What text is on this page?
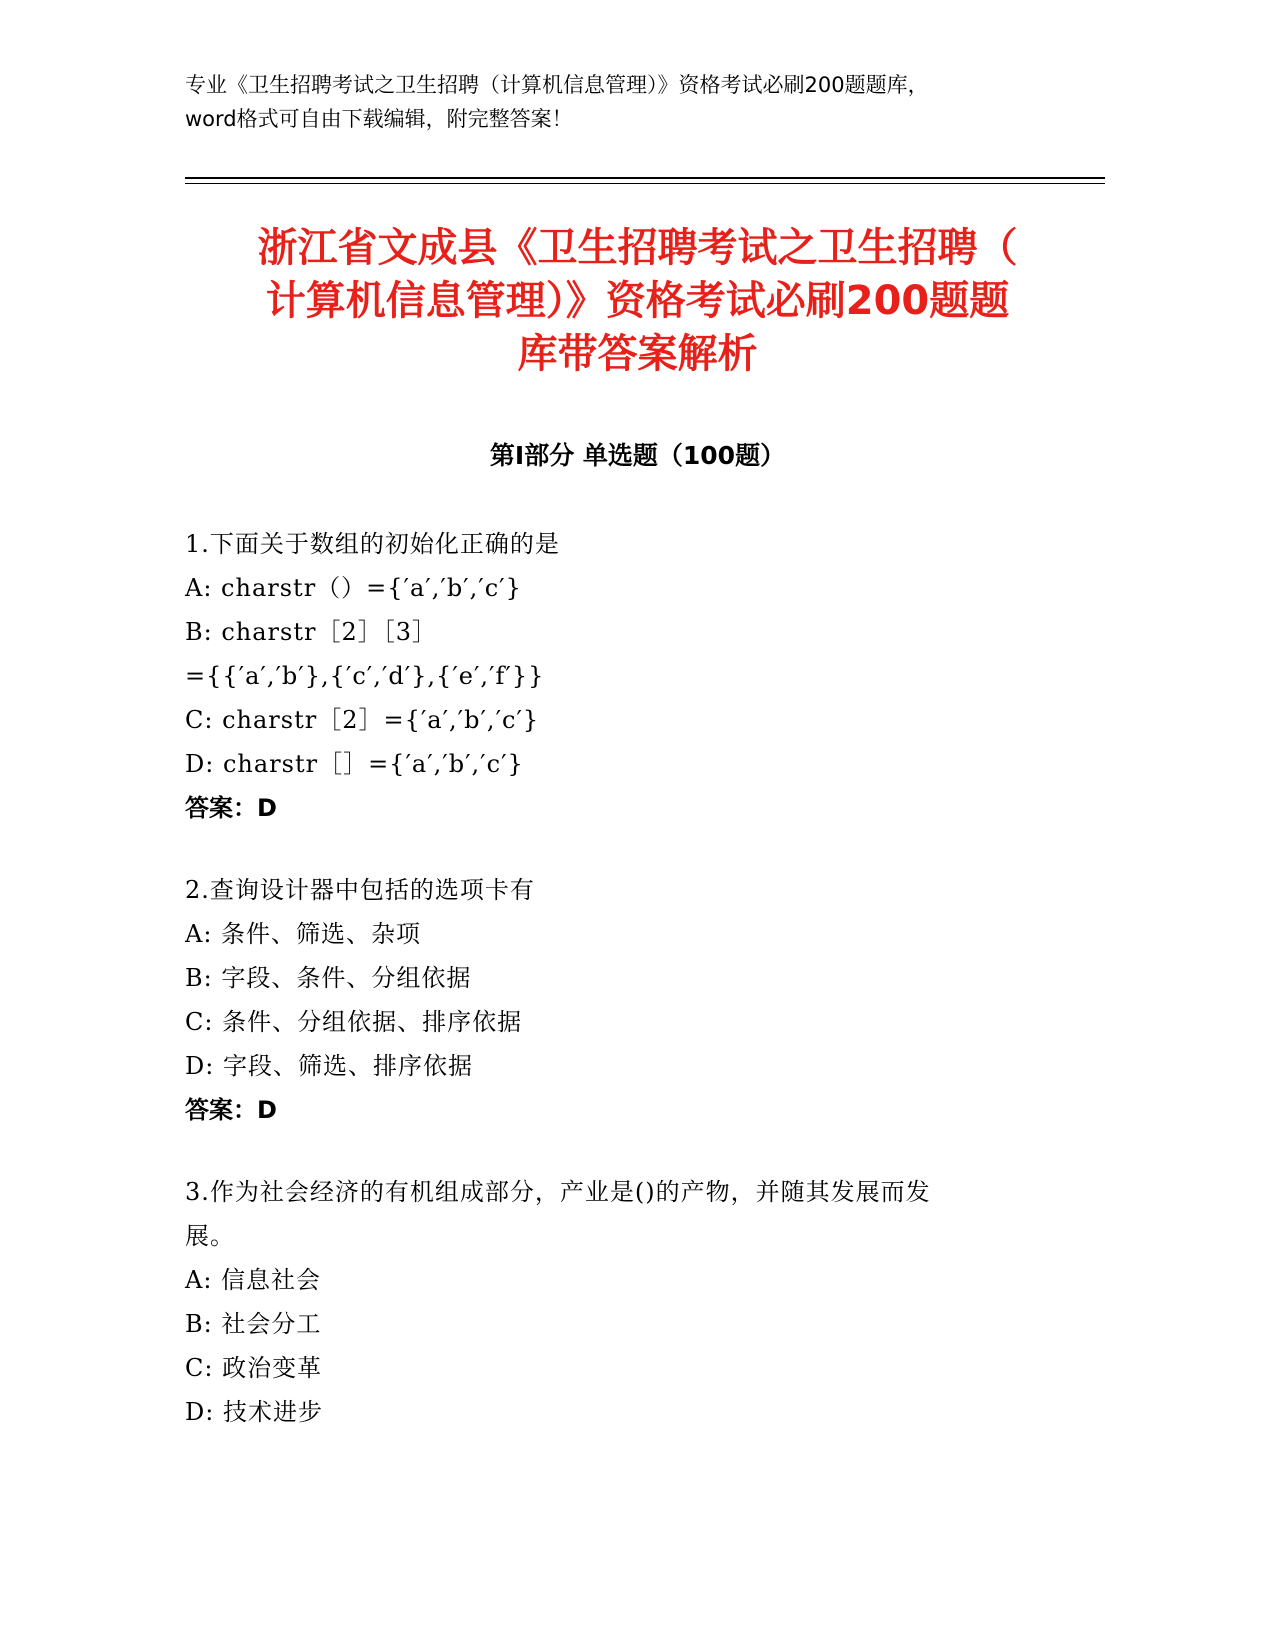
专业《卫生招聘考试之卫生招聘（计算机信息管理）》资格考试必刷200题题库，
word格式可自由下载编辑，附完整答案！
浙江省文成县《卫生招聘考试之卫生招聘（
计算机信息管理）》资格考试必刷200题题
库带答案解析
第Ⅰ部分 单选题（100题）
1.下面关于数组的初始化正确的是
A: charstr（）={′a′,′b′,′c′}
B: charstr［2］［3］
={{′a′,′b′},{′c′,′d′},{′e′,′f′}}
C: charstr［2］={′a′,′b′,′c′}
D: charstr［］={′a′,′b′,′c′}
答案：D
2.查询设计器中包括的选项卡有
A: 条件、筛选、杂项
B: 字段、条件、分组依据
C: 条件、分组依据、排序依据
D: 字段、筛选、排序依据
答案：D
3.作为社会经济的有机组成部分，产业是()的产物，并随其发展而发
展。
A: 信息社会
B: 社会分工
C: 政治变革
D: 技术进步
